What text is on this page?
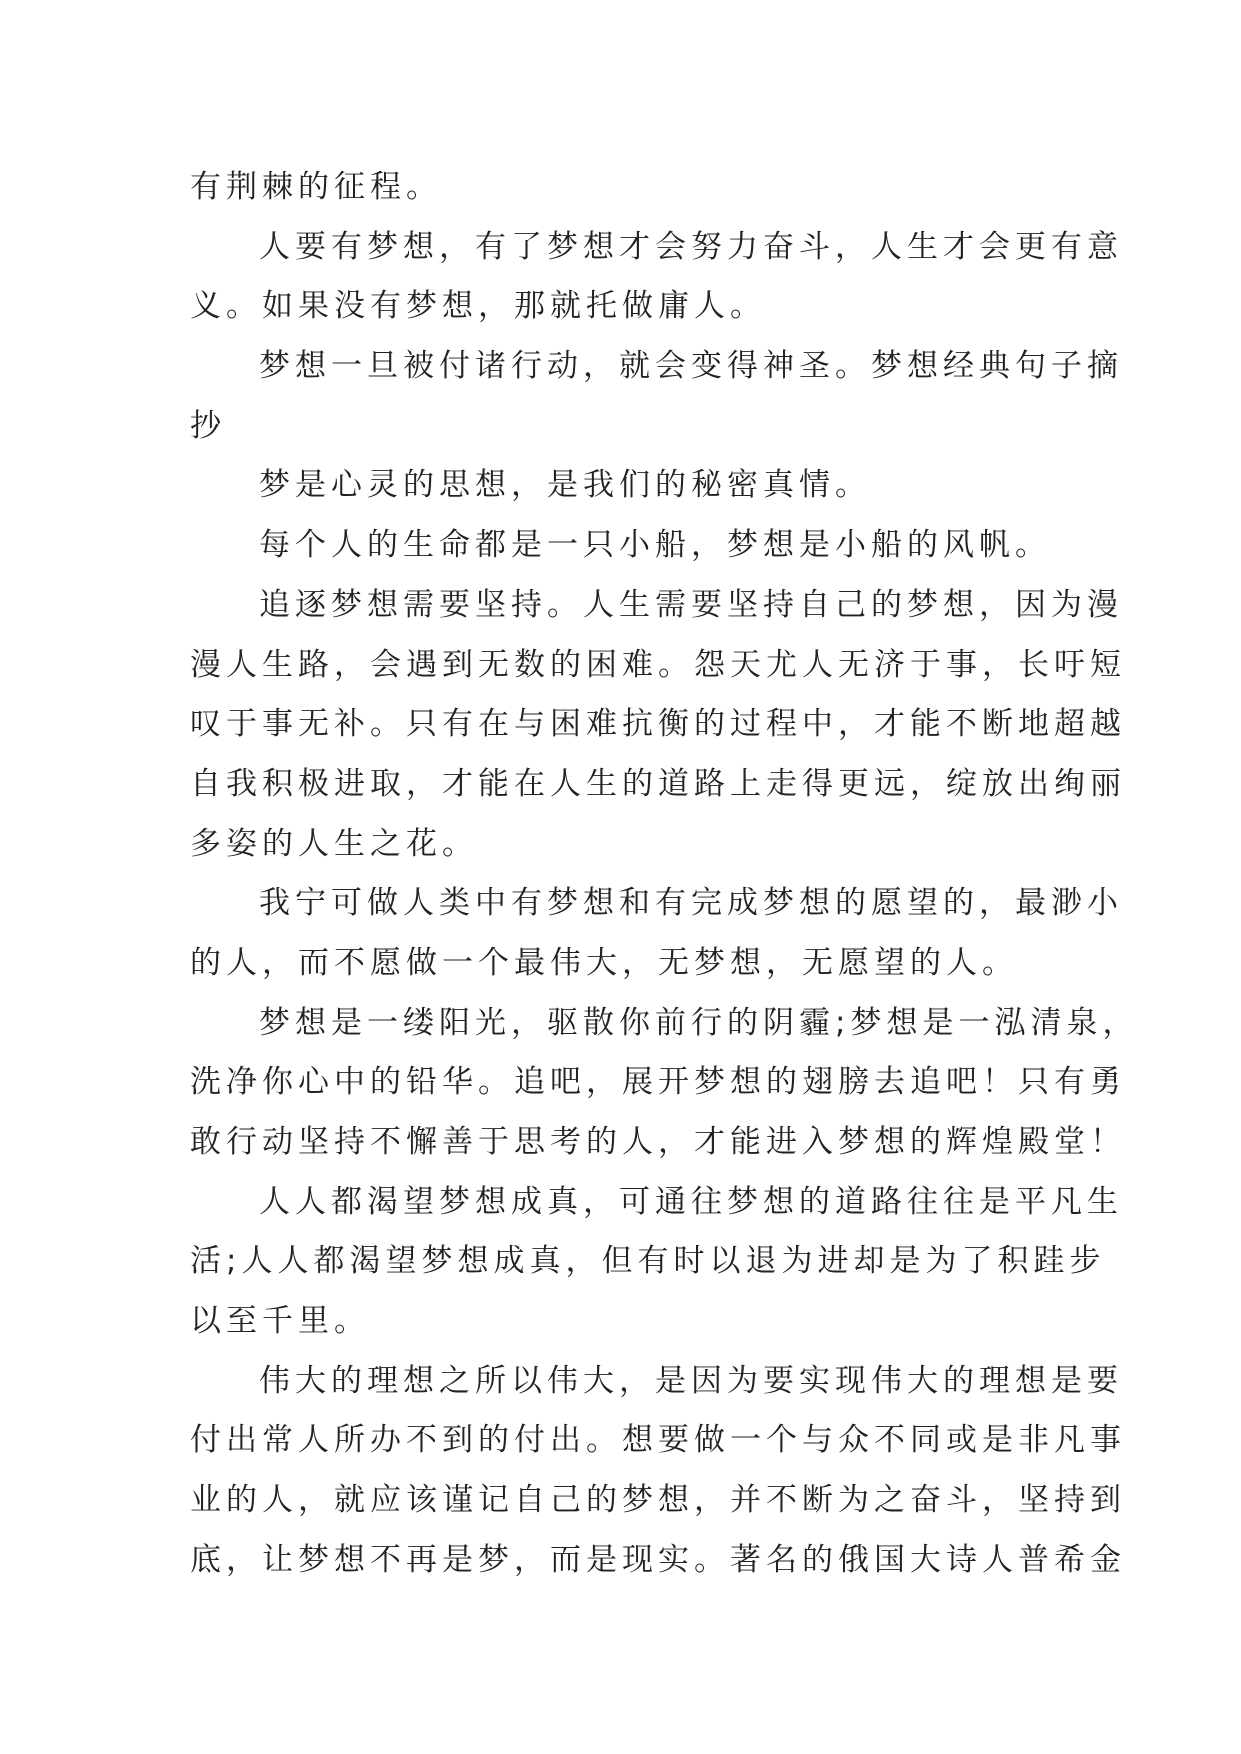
有荆棘的征程。
人要有梦想，有了梦想才会努力奋斗，人生才会更有意
义。如果没有梦想，那就托做庸人。
梦想一旦被付诸行动，就会变得神圣。梦想经典句子摘
抄
梦是心灵的思想，是我们的秘密真情。
每个人的生命都是一只小船，梦想是小船的风帆。
追逐梦想需要坚持。人生需要坚持自己的梦想，因为漫
漫人生路，会遇到无数的困难。怨天尤人无济于事，长吁短
叹于事无补。只有在与困难抗衡的过程中，才能不断地超越
自我积极进取，才能在人生的道路上走得更远，绽放出绚丽
多姿的人生之花。
我宁可做人类中有梦想和有完成梦想的愿望的，最渺小
的人，而不愿做一个最伟大，无梦想，无愿望的人。
梦想是一缕阳光，驱散你前行的阴霾;梦想是一泓清泉，
洗净你心中的铅华。追吧，展开梦想的翅膀去追吧！只有勇
敢行动坚持不懈善于思考的人，才能进入梦想的辉煌殿堂！
人人都渴望梦想成真，可通往梦想的道路往往是平凡生
活;人人都渴望梦想成真，但有时以退为进却是为了积跬步
以至千里。
伟大的理想之所以伟大，是因为要实现伟大的理想是要
付出常人所办不到的付出。想要做一个与众不同或是非凡事
业的人，就应该谨记自己的梦想，并不断为之奋斗，坚持到
底，让梦想不再是梦，而是现实。著名的俄国大诗人普希金
